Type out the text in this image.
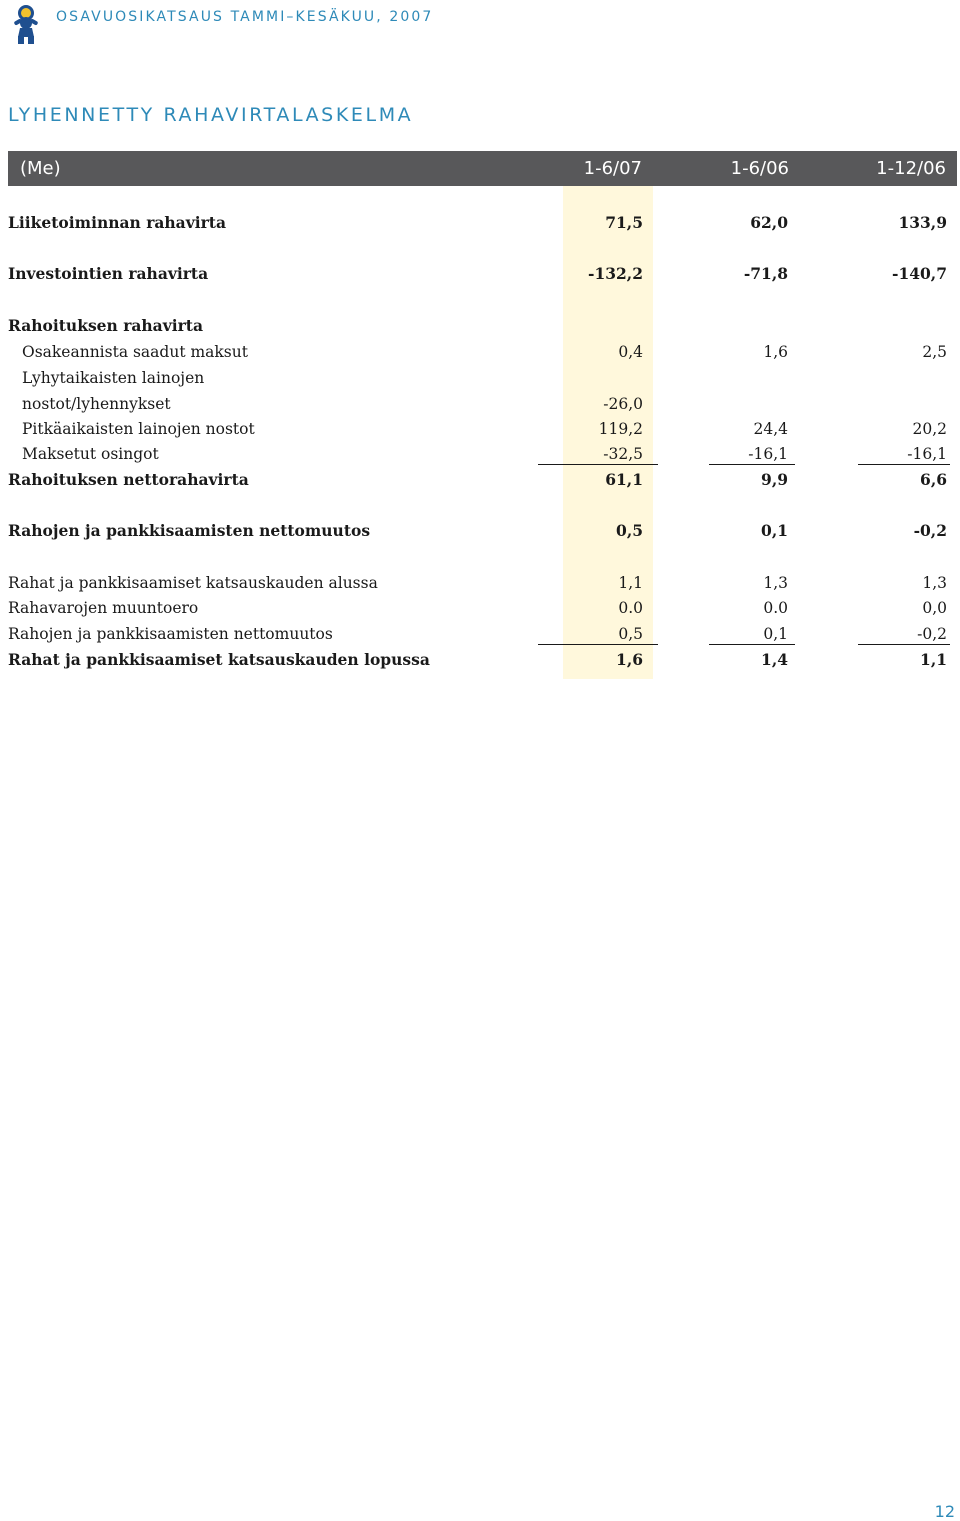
OSAVUOSIKATSAUS TAMMI–KESÄKUU, 2007
LYHENNETTY RAHAVIRTALASKELMA
(Me)	1-6/07	1-6/06	1-12/06
Liiketoiminnan rahavirta	71,5	62,0	133,9
Investointien rahavirta	-132,2	-71,8	-140,7
Rahoituksen rahavirta
Osakeannista saadut maksut	0,4	1,6	2,5
Lyhytaikaisten lainojen
nostot/lyhennykset	-26,0
Pitkäaikaisten lainojen nostot	119,2	24,4	20,2
Maksetut osingot	-32,5	-16,1	-16,1
Rahoituksen nettorahavirta	61,1	9,9	6,6
Rahojen ja pankkisaamisten nettomuutos	0,5	0,1	-0,2
Rahat ja pankkisaamiset katsauskauden alussa	1,1	1,3	1,3
Rahavarojen muuntoero	0.0	0.0	0,0
Rahojen ja pankkisaamisten nettomuutos	0,5	0,1	-0,2
Rahat ja pankkisaamiset katsauskauden lopussa	1,6	1,4	1,1
12
